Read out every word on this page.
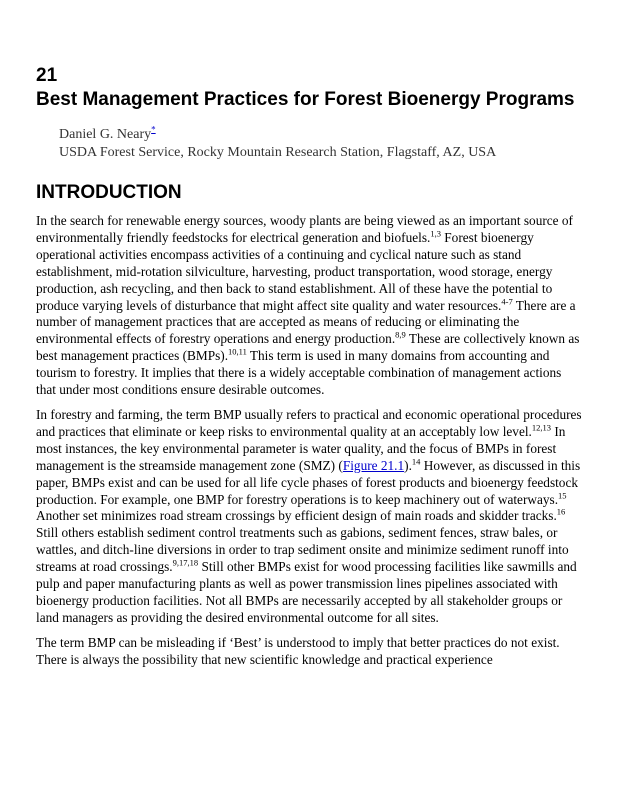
21
Best Management Practices for Forest Bioenergy Programs
Daniel G. Neary*
USDA Forest Service, Rocky Mountain Research Station, Flagstaff, AZ, USA
INTRODUCTION

In the search for renewable energy sources, woody plants are being viewed as an important source of environmentally friendly feedstocks for electrical generation and biofuels.$^{1,3}$ Forest bioenergy operational activities encompass activities of a continuing and cyclical nature such as stand establishment, mid-rotation silviculture, harvesting, product transportation, wood storage, energy production, ash recycling, and then back to stand establishment. All of these have the potential to produce varying levels of disturbance that might affect site quality and water resources.$^{4-7}$ There are a number of management practices that are accepted as means of reducing or eliminating the environmental effects of forestry operations and energy production.$^{8,9}$ These are collectively known as best management practices (BMPs).$^{10,11}$ This term is used in many domains from accounting and tourism to forestry. It implies that there is a widely acceptable combination of management actions that under most conditions ensure desirable outcomes.

In forestry and farming, the term BMP usually refers to practical and economic operational procedures and practices that eliminate or keep risks to environmental quality at an acceptably low level.$^{12,13}$ In most instances, the key environmental parameter is water quality, and the focus of BMPs in forest management is the streamside management zone (SMZ) (Figure 21.1).$^{14}$ However, as discussed in this paper, BMPs exist and can be used for all life cycle phases of forest products and bioenergy feedstock production. For example, one BMP for forestry operations is to keep machinery out of waterways.$^{15}$ Another set minimizes road stream crossings by efficient design of main roads and skidder tracks.$^{16}$ Still others establish sediment control treatments such as gabions, sediment fences, straw bales, or wattles, and ditch-line diversions in order to trap sediment onsite and minimize sediment runoff into streams at road crossings.$^{9,17,18}$ Still other BMPs exist for wood processing facilities like sawmills and pulp and paper manufacturing plants as well as power transmission lines pipelines associated with bioenergy production facilities. Not all BMPs are necessarily accepted by all stakeholder groups or land managers as providing the desired environmental outcome for all sites.

The term BMP can be misleading if ‘Best’ is understood to imply that better practices do not exist. There is always the possibility that new scientific knowledge and practical experience
